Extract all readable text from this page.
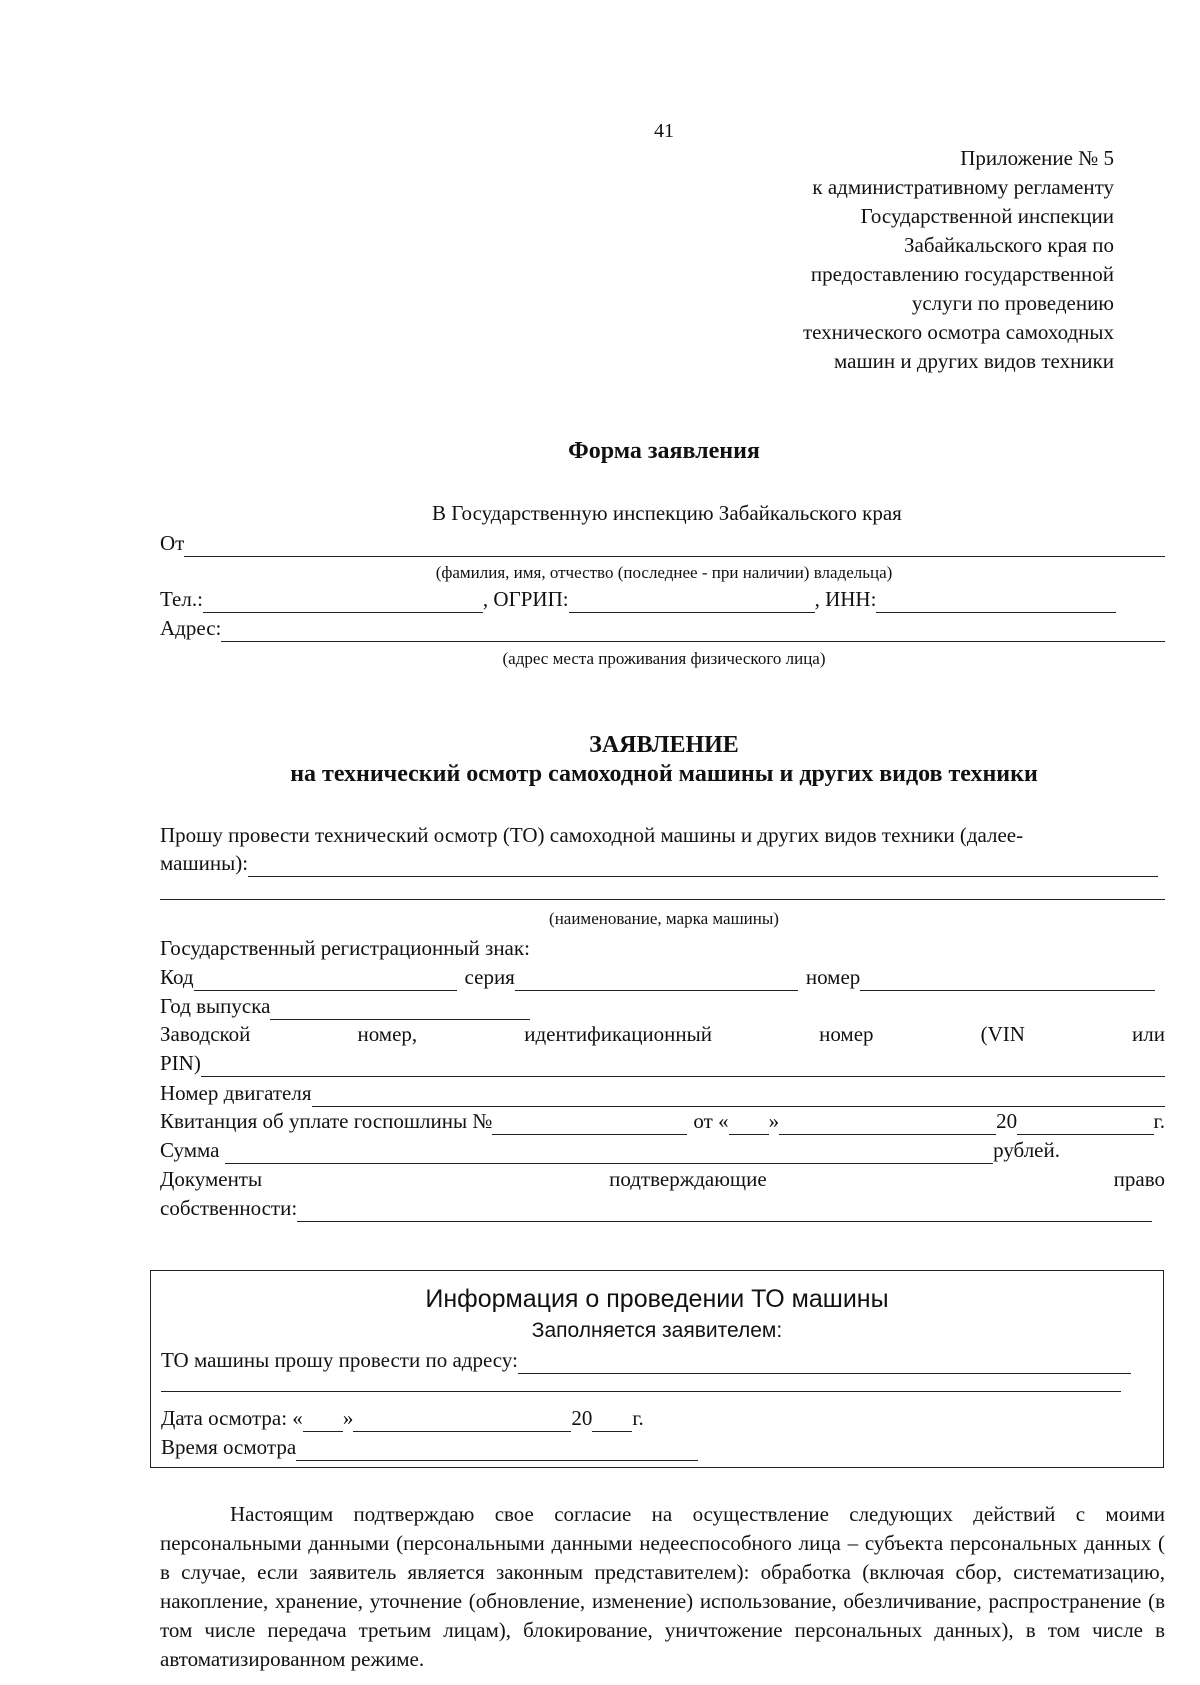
41
Приложение № 5
к административному регламенту
Государственной инспекции
Забайкальского края по
предоставлению государственной
услуги по проведению
технического осмотра самоходных
машин и других видов техники
Форма заявления
В Государственную инспекцию Забайкальского края
От
(фамилия, имя, отчество (последнее - при наличии) владельца)
Тел.:	, ОГРИП:	, ИНН:
Адрес:
(адрес места проживания физического лица)
ЗАЯВЛЕНИЕ
на технический осмотр самоходной машины и других видов техники
Прошу провести технический осмотр (ТО) самоходной машины и других видов техники (далее-
машины):
(наименование, марка машины)
Государственный регистрационный знак:
Код	серия	номер
Год выпуска
Заводской	номер,	идентификационный	номер	(VIN	или
PIN)
Номер двигателя
Квитанция об уплате госпошлины №	от « »	20	г.
Сумма	рублей.
Документы	подтверждающие	право
собственности:
Информация о проведении ТО машины
Заполняется заявителем:
ТО машины прошу провести по адресу:
Дата осмотра: « »	20 г.
Время осмотра
Настоящим подтверждаю свое согласие на осуществление следующих действий с моими персональными данными (персональными данными недееспособного лица – субъекта персональных данных ( в случае, если заявитель является законным представителем): обработка (включая сбор, систематизацию, накопление, хранение, уточнение (обновление, изменение) использование, обезличивание, распространение (в том числе передача третьим лицам), блокирование, уничтожение персональных данных), в том числе в автоматизированном режиме.
